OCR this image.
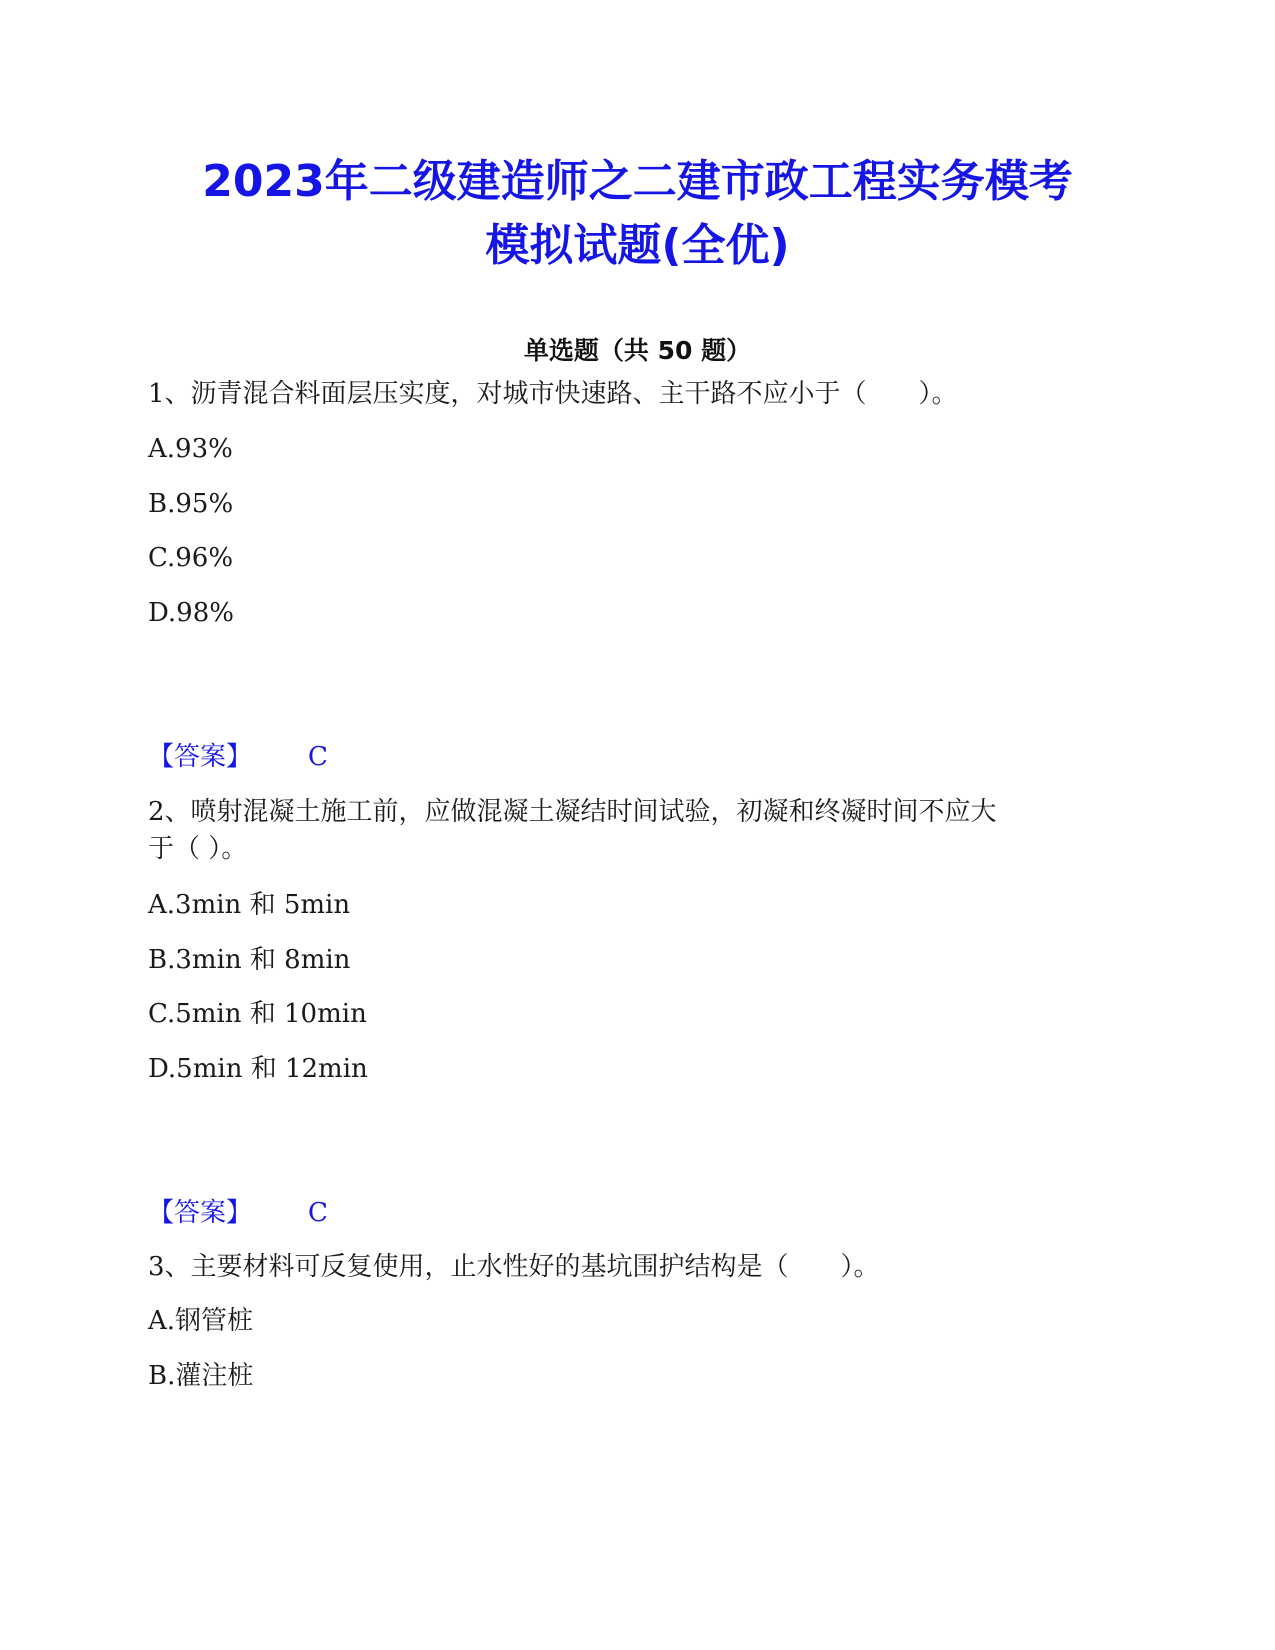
2023年二级建造师之二建市政工程实务模考
模拟试题(全优)
单选题（共 50 题）
1、沥青混合料面层压实度，对城市快速路、主干路不应小于（　　）。
A.93%
B.95%
C.96%
D.98%
【答案】 C
2、喷射混凝土施工前，应做混凝土凝结时间试验，初凝和终凝时间不应大
于（ ）。
A.3min 和 5min
B.3min 和 8min
C.5min 和 10min
D.5min 和 12min
【答案】 C
3、主要材料可反复使用，止水性好的基坑围护结构是（　　）。
A.钢管桩
B.灌注桩
